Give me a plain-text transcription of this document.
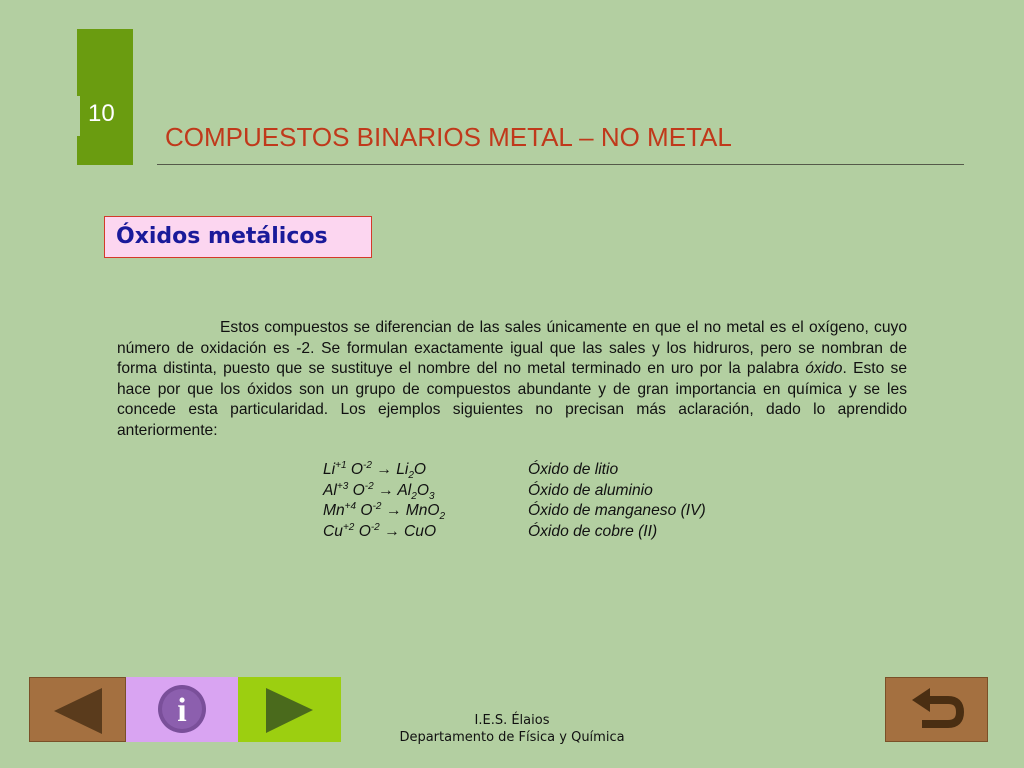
10
COMPUESTOS BINARIOS METAL – NO METAL
Óxidos metálicos
Estos compuestos se diferencian de las sales únicamente en que el no metal es el oxígeno, cuyo número de oxidación es -2. Se formulan exactamente igual que las sales y los hidruros, pero se nombran de forma distinta, puesto que se sustituye el nombre del no metal terminado en uro por la palabra óxido. Esto se hace por que los óxidos son un grupo de compuestos abundante y de gran importancia en química y se les concede esta particularidad. Los ejemplos siguientes no precisan más aclaración, dado lo aprendido anteriormente:
$Li^{+1}$ $O^{-2} \to Li_2O$	Óxido de litio
$Al^{+3}$ $O^{-2} \to Al_2O_3$	Óxido de aluminio
$Mn^{+4}$ $O^{-2} \to MnO_2$	Óxido de manganeso (IV)
$Cu^{+2}$ $O^{-2}$ → CuO	Óxido de cobre (II)
i	I.E.S. Élaios
Departamento de Física y Química
